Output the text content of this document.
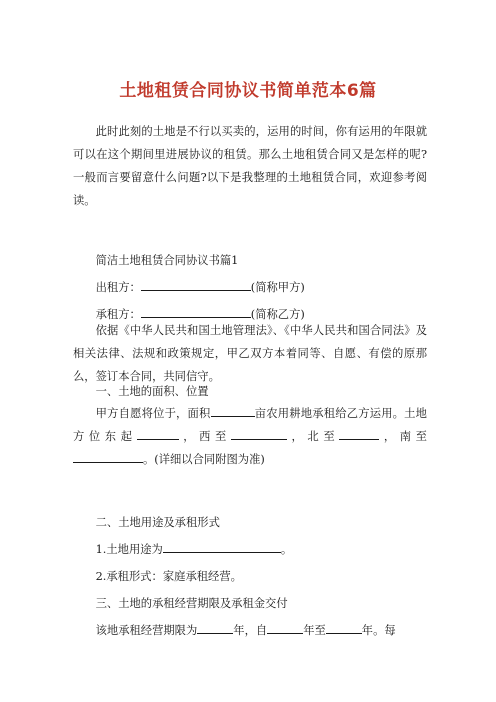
土地租赁合同协议书简单范本6篇
此时此刻的土地是不行以买卖的，运用的时间，你有运用的年限就可以在这个期间里进展协议的租赁。那么土地租赁合同又是怎样的呢?一般而言要留意什么问题?以下是我整理的土地租赁合同，欢迎参考阅读。
简洁土地租赁合同协议书篇1
出租方：	(简称甲方)
承租方：	(简称乙方)
依据《中华人民共和国土地管理法》、《中华人民共和国合同法》及相关法律、法规和政策规定，甲乙双方本着同等、自愿、有偿的原那么，签订本合同，共同信守。
一、土地的面积、位置
甲方自愿将位于，面积	亩农用耕地承租给乙方运用。土地方位东起	，西至	，北至	，南至。(详细以合同附图为准)
二、土地用途及承租形式
1.土地用途为	。
2.承租形式：家庭承租经营。
三、土地的承租经营期限及承租金交付
该地承租经营期限为	年，自	年至	年。每
